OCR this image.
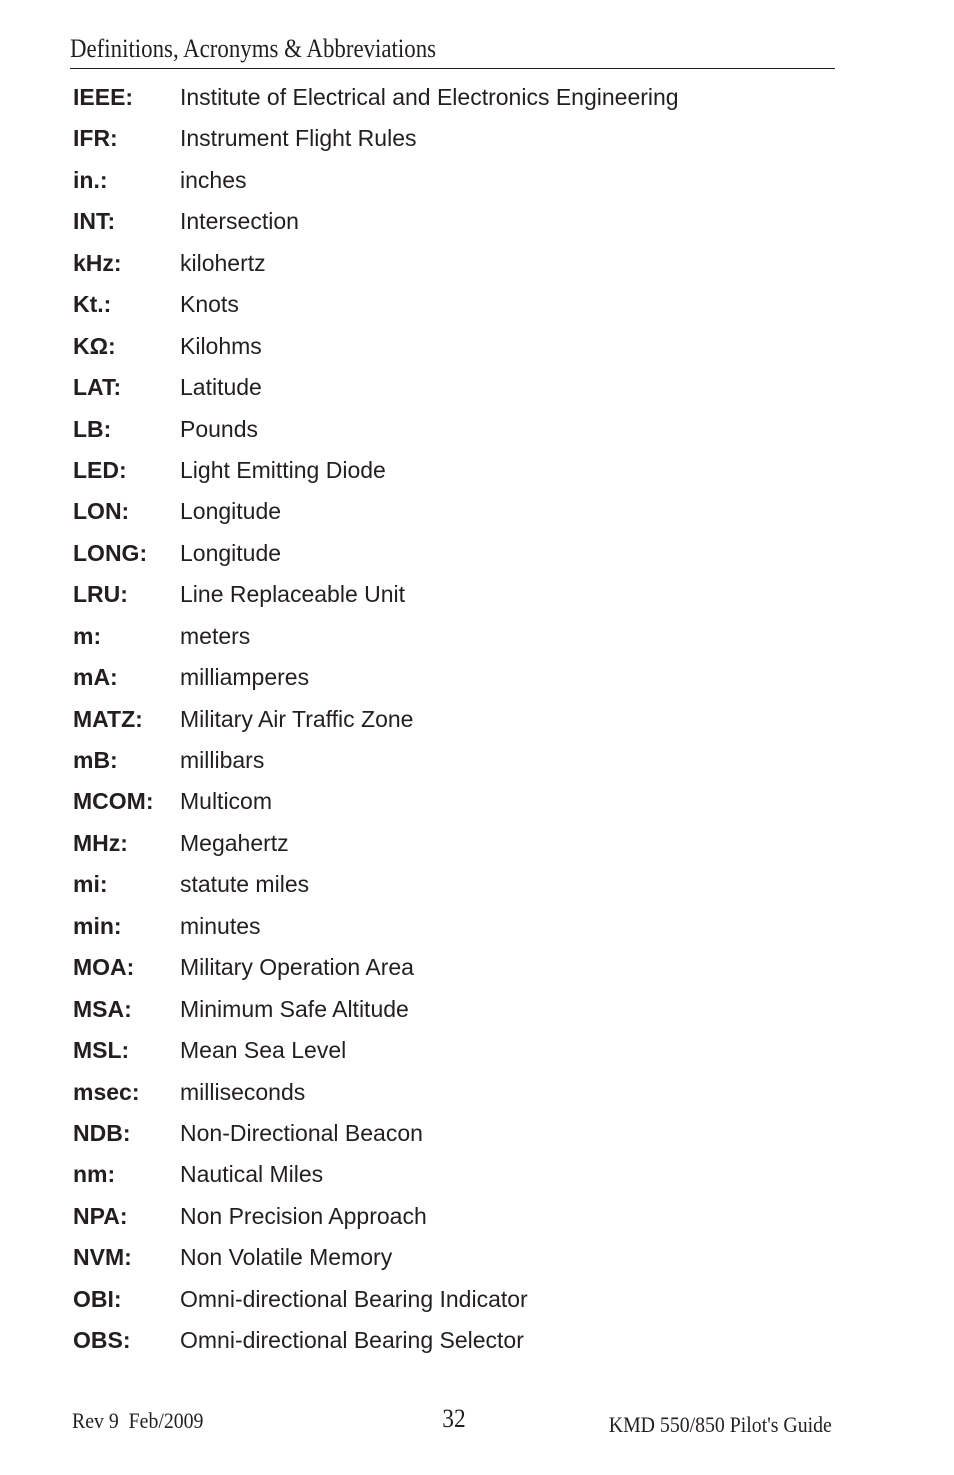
Definitions, Acronyms & Abbreviations
IEEE:	Institute of Electrical and Electronics Engineering
IFR:	Instrument Flight Rules
in.:	inches
INT:	Intersection
kHz:	kilohertz
Kt.:	Knots
KΩ:	Kilohms
LAT:	Latitude
LB:	Pounds
LED:	Light Emitting Diode
LON:	Longitude
LONG:	Longitude
LRU:	Line Replaceable Unit
m:	meters
mA:	milliamperes
MATZ:	Military Air Traffic Zone
mB:	millibars
MCOM:	Multicom
MHz:	Megahertz
mi:	statute miles
min:	minutes
MOA:	Military Operation Area
MSA:	Minimum Safe Altitude
MSL:	Mean Sea Level
msec:	milliseconds
NDB:	Non-Directional Beacon
nm:	Nautical Miles
NPA:	Non Precision Approach
NVM:	Non Volatile Memory
OBI:	Omni-directional Bearing Indicator
OBS:	Omni-directional Bearing Selector
Rev 9  Feb/2009	32	KMD 550/850 Pilot's Guide
